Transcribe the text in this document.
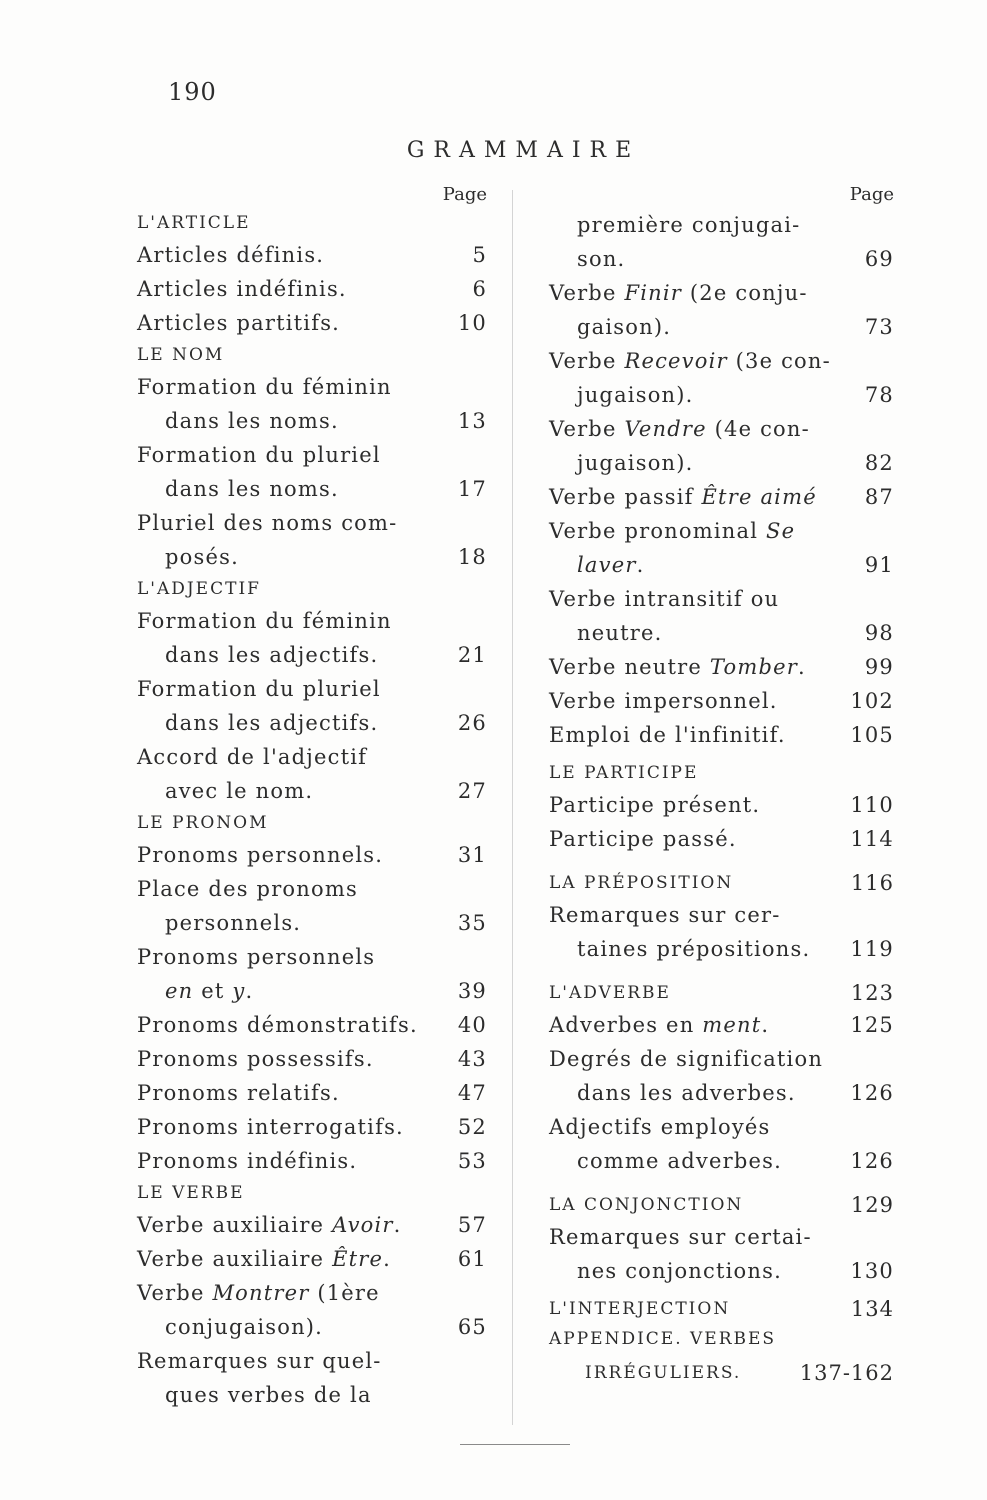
190
GRAMMAIRE
Page
L'ARTICLE
Articles définis.	5
Articles indéfinis.	6
Articles partitifs.	10
LE NOM
Formation du féminin
dans les noms.	13
Formation du pluriel
dans les noms.	17
Pluriel des noms com-
posés.	18
L'ADJECTIF
Formation du féminin
dans les adjectifs.	21
Formation du pluriel
dans les adjectifs.	26
Accord de l'adjectif
avec le nom.	27
LE PRONOM
Pronoms personnels.	31
Place des pronoms
personnels.	35
Pronoms personnels
en et y.	39
Pronoms démonstratifs.	40
Pronoms possessifs.	43
Pronoms relatifs.	47
Pronoms interrogatifs.	52
Pronoms indéfinis.	53
LE VERBE
Verbe auxiliaire Avoir.	57
Verbe auxiliaire Être.	61
Verbe Montrer (1ère
conjugaison).	65
Remarques sur quel-
ques verbes de la
Page
première conjugai-
son.	69
Verbe Finir (2e conju-
gaison).	73
Verbe Recevoir (3e con-
jugaison).	78
Verbe Vendre (4e con-
jugaison).	82
Verbe passif Être aimé	87
Verbe pronominal Se
laver.	91
Verbe intransitif ou
neutre.	98
Verbe neutre Tomber.	99
Verbe impersonnel.	102
Emploi de l'infinitif.	105
LE PARTICIPE
Participe présent.	110
Participe passé.	114
LA PRÉPOSITION	116
Remarques sur cer-
taines prépositions.	119
L'ADVERBE	123
Adverbes en ment.	125
Degrés de signification
dans les adverbes.	126
Adjectifs employés
comme adverbes.	126
LA CONJONCTION	129
Remarques sur certai-
nes conjonctions.	130
L'INTERJECTION	134
APPENDICE. VERBES
IRRÉGULIERS.	137-162
